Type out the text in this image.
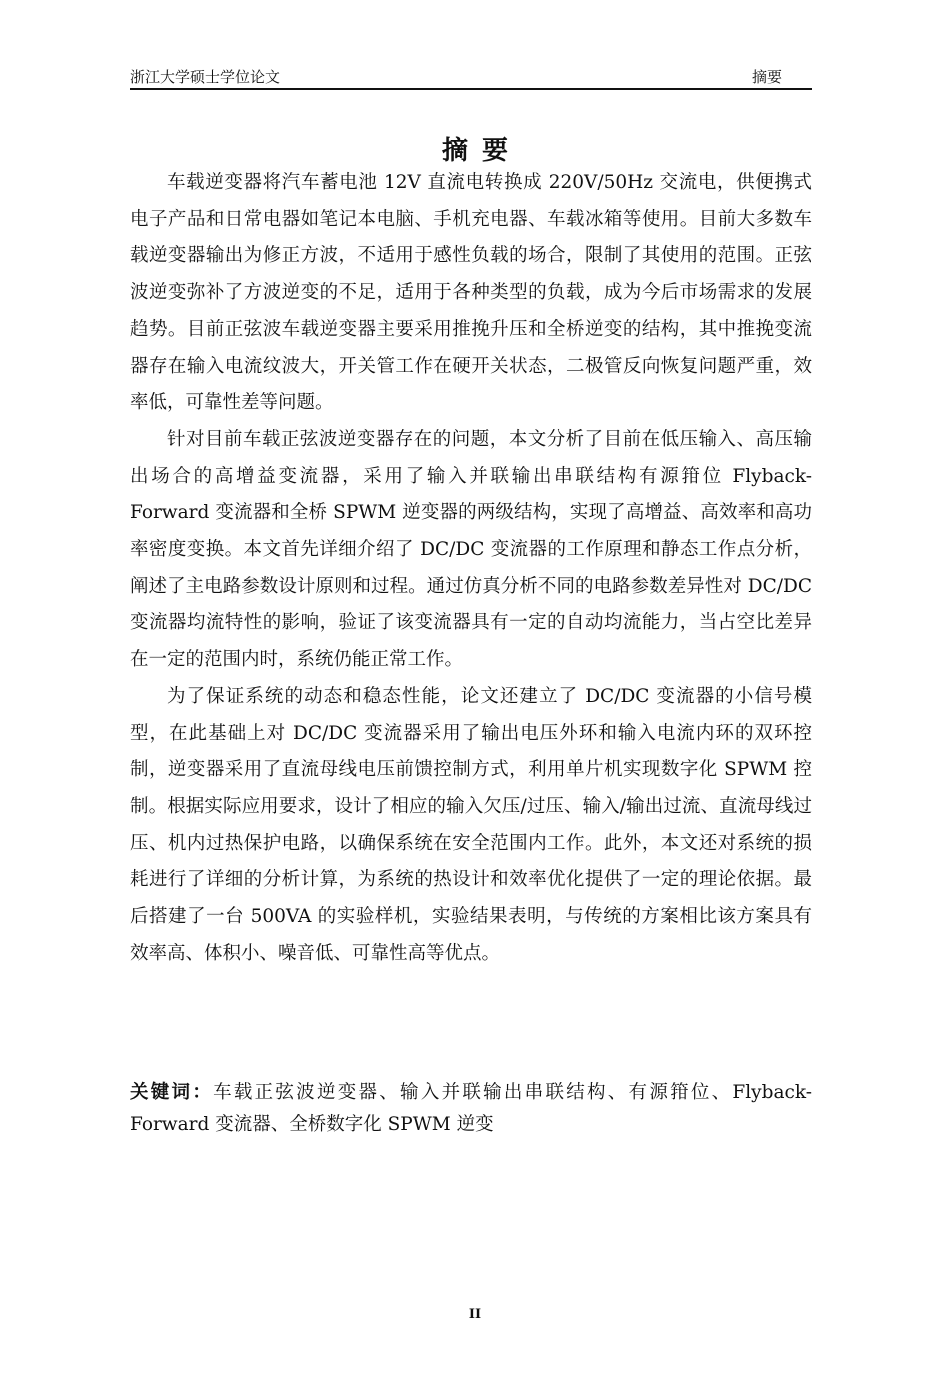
浙江大学硕士学位论文	摘要
摘要

车载逆变器将汽车蓄电池 12V 直流电转换成 220V/50Hz 交流电，供便携式电子产品和日常电器如笔记本电脑、手机充电器、车载冰箱等使用。目前大多数车载逆变器输出为修正方波，不适用于感性负载的场合，限制了其使用的范围。正弦波逆变弥补了方波逆变的不足，适用于各种类型的负载，成为今后市场需求的发展趋势。目前正弦波车载逆变器主要采用推挽升压和全桥逆变的结构，其中推挽变流器存在输入电流纹波大，开关管工作在硬开关状态，二极管反向恢复问题严重，效率低，可靠性差等问题。

针对目前车载正弦波逆变器存在的问题，本文分析了目前在低压输入、高压输出场合的高增益变流器，采用了输入并联输出串联结构有源箝位 Flyback-Forward 变流器和全桥 SPWM 逆变器的两级结构，实现了高增益、高效率和高功率密度变换。本文首先详细介绍了 DC/DC 变流器的工作原理和静态工作点分析，阐述了主电路参数设计原则和过程。通过仿真分析不同的电路参数差异性对 DC/DC 变流器均流特性的影响，验证了该变流器具有一定的自动均流能力，当占空比差异在一定的范围内时，系统仍能正常工作。

为了保证系统的动态和稳态性能，论文还建立了 DC/DC 变流器的小信号模型，在此基础上对 DC/DC 变流器采用了输出电压外环和输入电流内环的双环控制，逆变器采用了直流母线电压前馈控制方式，利用单片机实现数字化 SPWM 控制。根据实际应用要求，设计了相应的输入欠压/过压、输入/输出过流、直流母线过压、机内过热保护电路，以确保系统在安全范围内工作。此外，本文还对系统的损耗进行了详细的分析计算，为系统的热设计和效率优化提供了一定的理论依据。最后搭建了一台 500VA 的实验样机，实验结果表明，与传统的方案相比该方案具有效率高、体积小、噪音低、可靠性高等优点。

关键词：车载正弦波逆变器、输入并联输出串联结构、有源箝位、Flyback-Forward 变流器、全桥数字化 SPWM 逆变
II
